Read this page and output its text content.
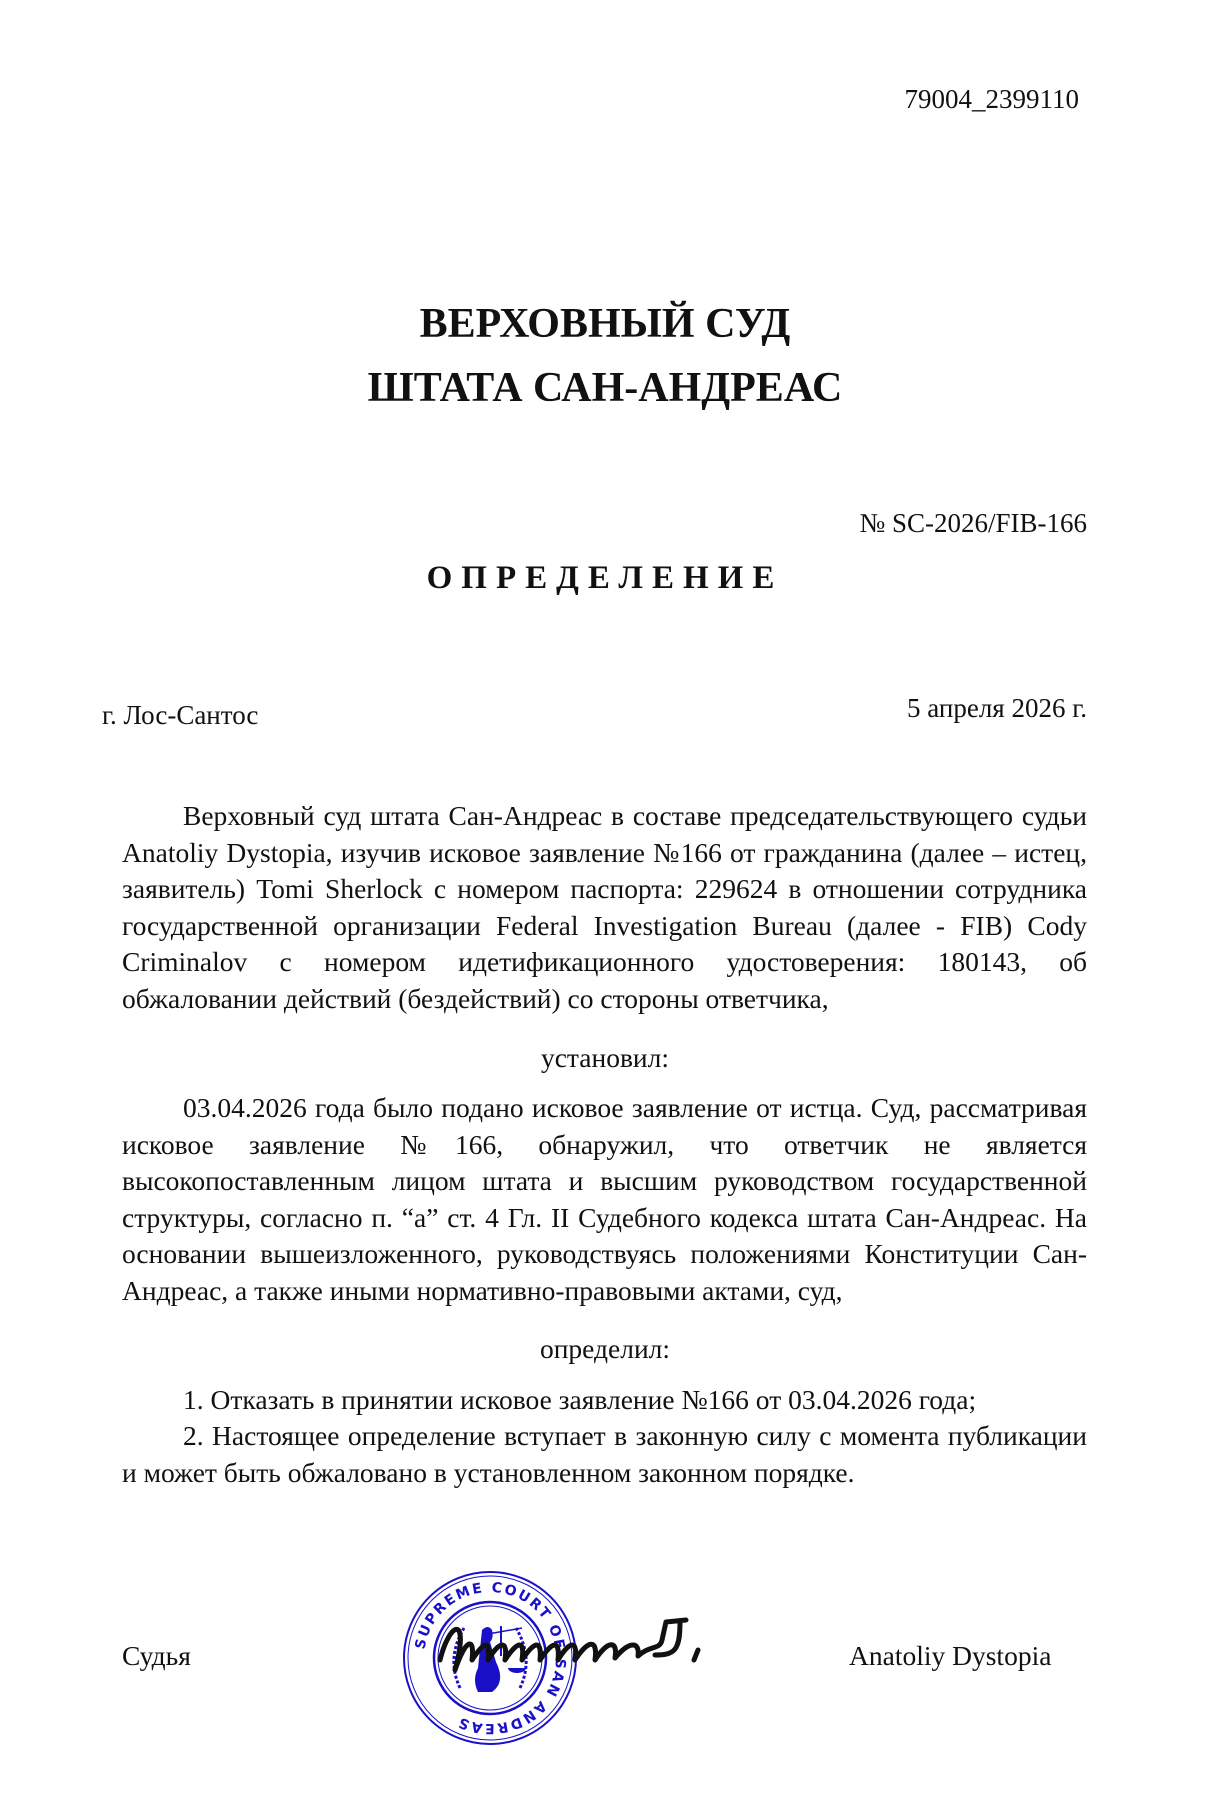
79004_2399110
ВЕРХОВНЫЙ СУД
ШТАТА САН-АНДРЕАС
№ SC-2026/FIB-166
ОПРЕДЕЛЕНИЕ
г. Лос-Сантос	5 апреля 2026 г.
Верховный суд штата Сан-Андреас в составе председательствующего судьи Anatoliy Dystopia, изучив исковое заявление №166 от гражданина (далее – истец, заявитель) Tomi Sherlock с номером паспорта: 229624 в отношении сотрудника государственной организации Federal Investigation Bureau (далее - FIB) Cody Criminalov с номером идетификационного удостоверения: 180143, об обжаловании действий (бездействий) со стороны ответчика,
установил:
03.04.2026 года было подано исковое заявление от истца. Суд, рассматривая исковое заявление №166, обнаружил, что ответчик не является высокопоставленным лицом штата и высшим руководством государственной структуры, согласно п. “а” ст. 4 Гл. II Судебного кодекса штата Сан-Андреас. На основании вышеизложенного, руководствуясь положениями Конституции Сан-Андреас, а также иными нормативно-правовыми актами, суд,
определил:
1. Отказать в принятии исковое заявление №166 от 03.04.2026 года;
2. Настоящее определение вступает в законную силу с момента публикации и может быть обжаловано в установленном законном порядке.
Судья	SUPREME COURT OF SAN ANDREAS
Anatoliy Dystopia
